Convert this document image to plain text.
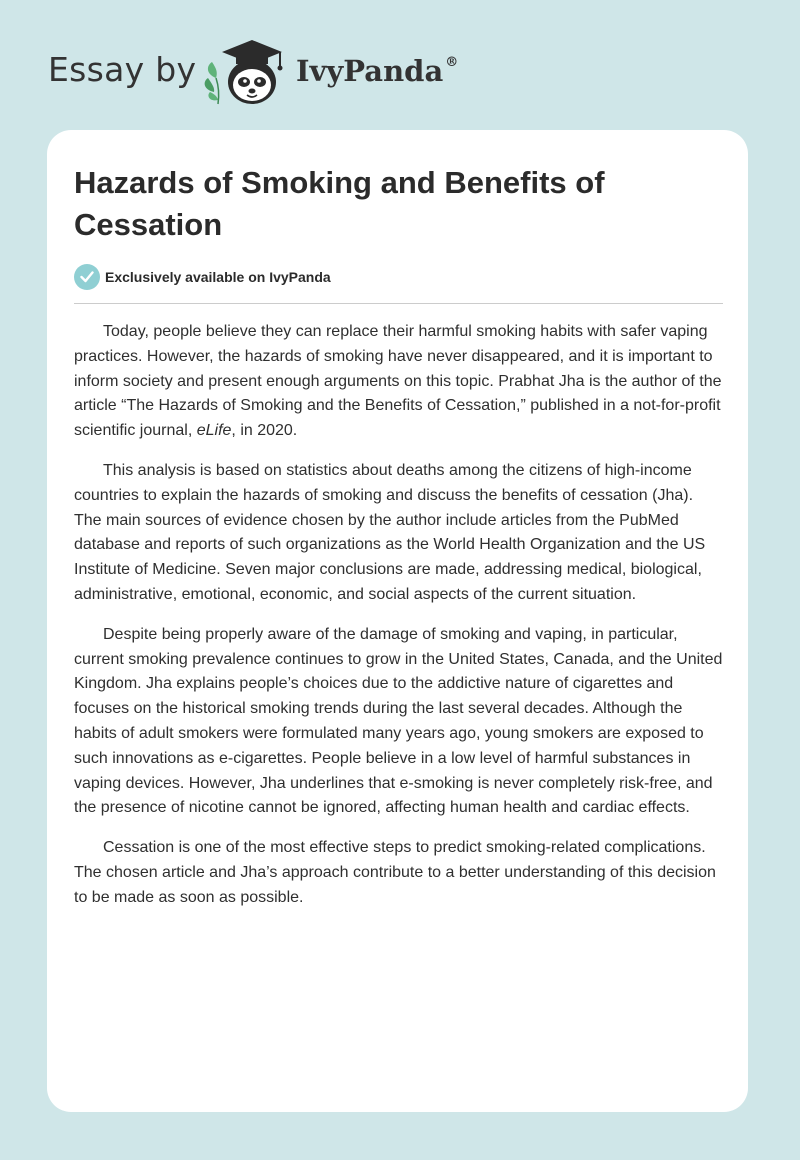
Essay by	IvyPanda ®
Hazards of Smoking and Benefits of Cessation
Exclusively available on IvyPanda

Today, people believe they can replace their harmful smoking habits with safer vaping practices. However, the hazards of smoking have never disappeared, and it is important to inform society and present enough arguments on this topic. Prabhat Jha is the author of the article “The Hazards of Smoking and the Benefits of Cessation,” published in a not-for-profit scientific journal, eLife, in 2020.

This analysis is based on statistics about deaths among the citizens of high-income countries to explain the hazards of smoking and discuss the benefits of cessation (Jha). The main sources of evidence chosen by the author include articles from the PubMed database and reports of such organizations as the World Health Organization and the US Institute of Medicine. Seven major conclusions are made, addressing medical, biological, administrative, emotional, economic, and social aspects of the current situation.

Despite being properly aware of the damage of smoking and vaping, in particular, current smoking prevalence continues to grow in the United States, Canada, and the United Kingdom. Jha explains people’s choices due to the addictive nature of cigarettes and focuses on the historical smoking trends during the last several decades. Although the habits of adult smokers were formulated many years ago, young smokers are exposed to such innovations as e-cigarettes. People believe in a low level of harmful substances in vaping devices. However, Jha underlines that e-smoking is never completely risk-free, and the presence of nicotine cannot be ignored, affecting human health and cardiac effects.

Cessation is one of the most effective steps to predict smoking-related complications. The chosen article and Jha’s approach contribute to a better understanding of this decision to be made as soon as possible.
